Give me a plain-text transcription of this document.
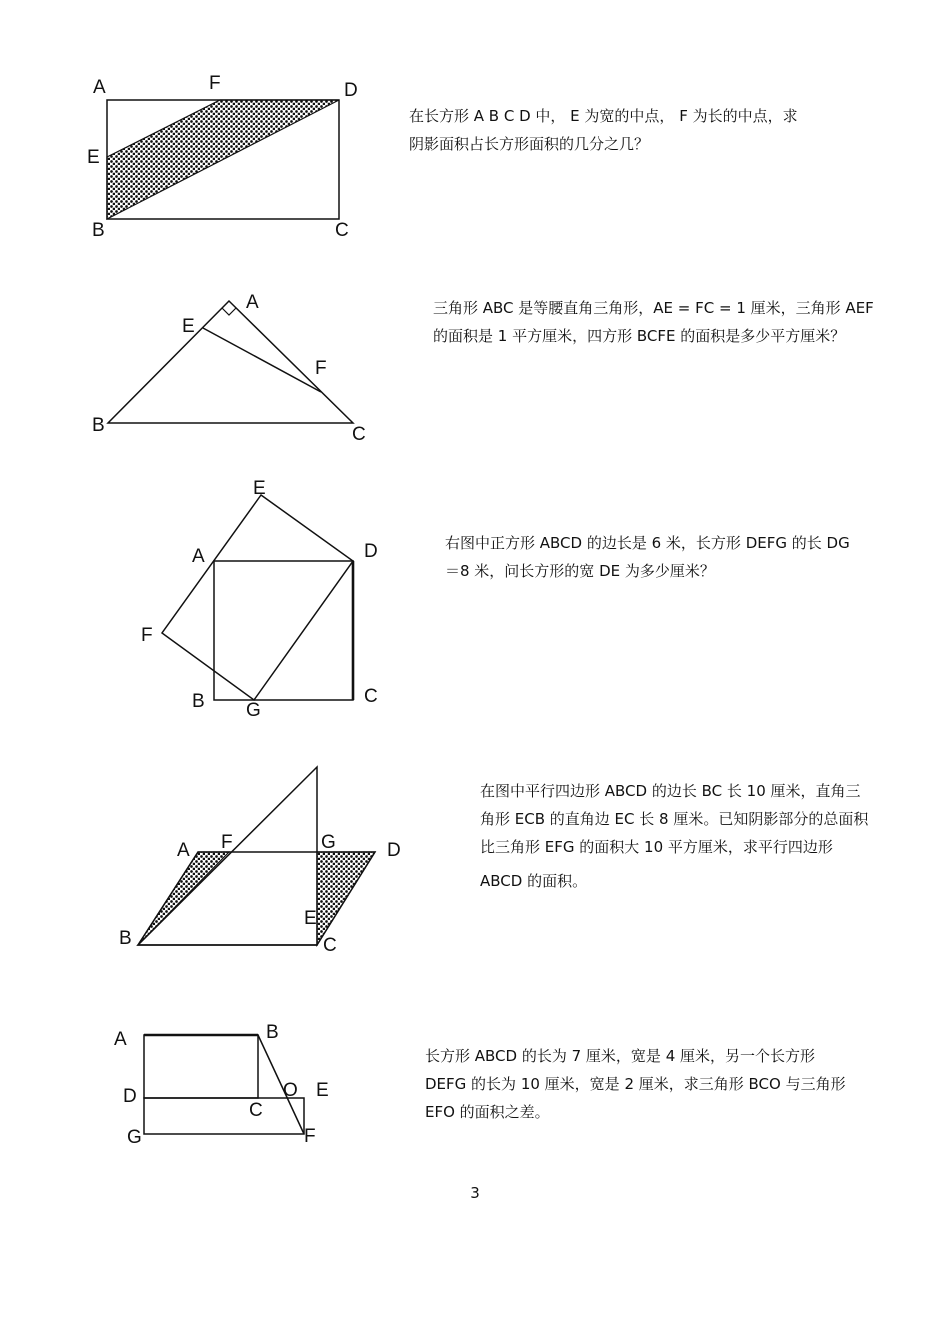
A	F	D
E
B	C
A
E
F
B	C
E
A	D
F
B G
C
A F	G	D
E
B	C
A	B
D	O E
C
G	F

在长方形 A B C D 中， E 为宽的中点， F 为长的中点，求

阴影面积占长方形面积的几分之几？

三角形 ABC 是等腰直角三角形，AE = FC = 1 厘米，三角形 AEF

的面积是 1 平方厘米，四方形 BCFE 的面积是多少平方厘米？

右图中正方形 ABCD 的边长是 6 米，长方形 DEFG 的长 DG

＝8 米，问长方形的宽 DE 为多少厘米？

在图中平行四边形 ABCD 的边长 BC 长 10 厘米，直角三

角形 ECB 的直角边 EC 长 8 厘米。已知阴影部分的总面积

比三角形 EFG 的面积大 10 平方厘米，求平行四边形

ABCD 的面积。

长方形 ABCD 的长为 7 厘米，宽是 4 厘米，另一个长方形

DEFG 的长为 10 厘米，宽是 2 厘米，求三角形 BCO 与三角形

EFO 的面积之差。

3
